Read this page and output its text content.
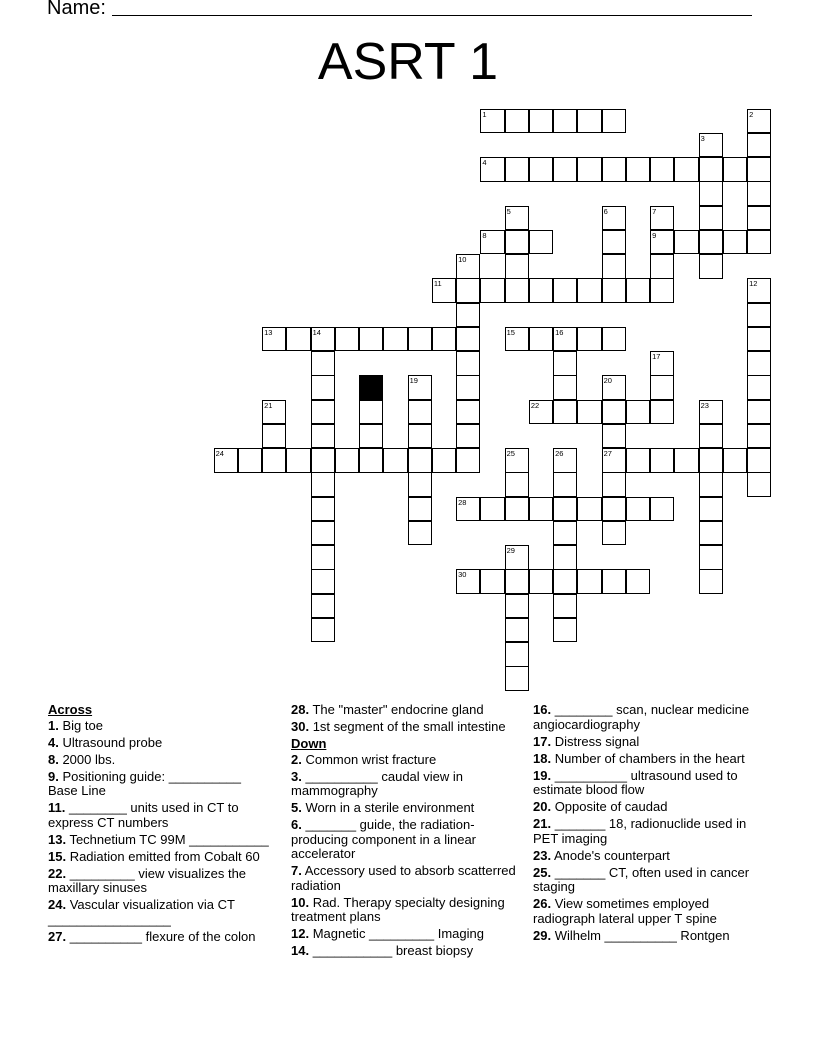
Name:
ASRT 1
1	2
3
4
5	6	7
9
8
10
11	12
13	14	15	16
17
19	20
27
21	22	23
24	25	26
28
29
30
Across
1. Big toe
4. Ultrasound probe
8. 2000 lbs.
9. Positioning guide: __________ Base Line
11. ________ units used in CT to express CT numbers
13. Technetium TC 99M ___________
15. Radiation emitted from Cobalt 60
22. _________ view visualizes the maxillary sinuses
24. Vascular visualization via CT _________________
27. __________ flexure of the colon
28. The "master" endocrine gland
30. 1st segment of the small intestine
Down
2. Common wrist fracture
3. __________ caudal view in mammography
5. Worn in a sterile environment
6. _______ guide, the radiation-producing component in a linear accelerator
7. Accessory used to absorb scatterred radiation
10. Rad. Therapy specialty designing treatment plans
12. Magnetic _________ Imaging
14. ___________ breast biopsy
16. ________ scan, nuclear medicine angiocardiography
17. Distress signal
18. Number of chambers in the heart
19. __________ ultrasound used to estimate blood flow
20. Opposite of caudad
21. _______ 18, radionuclide used in PET imaging
23. Anode's counterpart
25. _______ CT, often used in cancer staging
26. View sometimes employed radiograph lateral upper T spine
29. Wilhelm __________ Rontgen
